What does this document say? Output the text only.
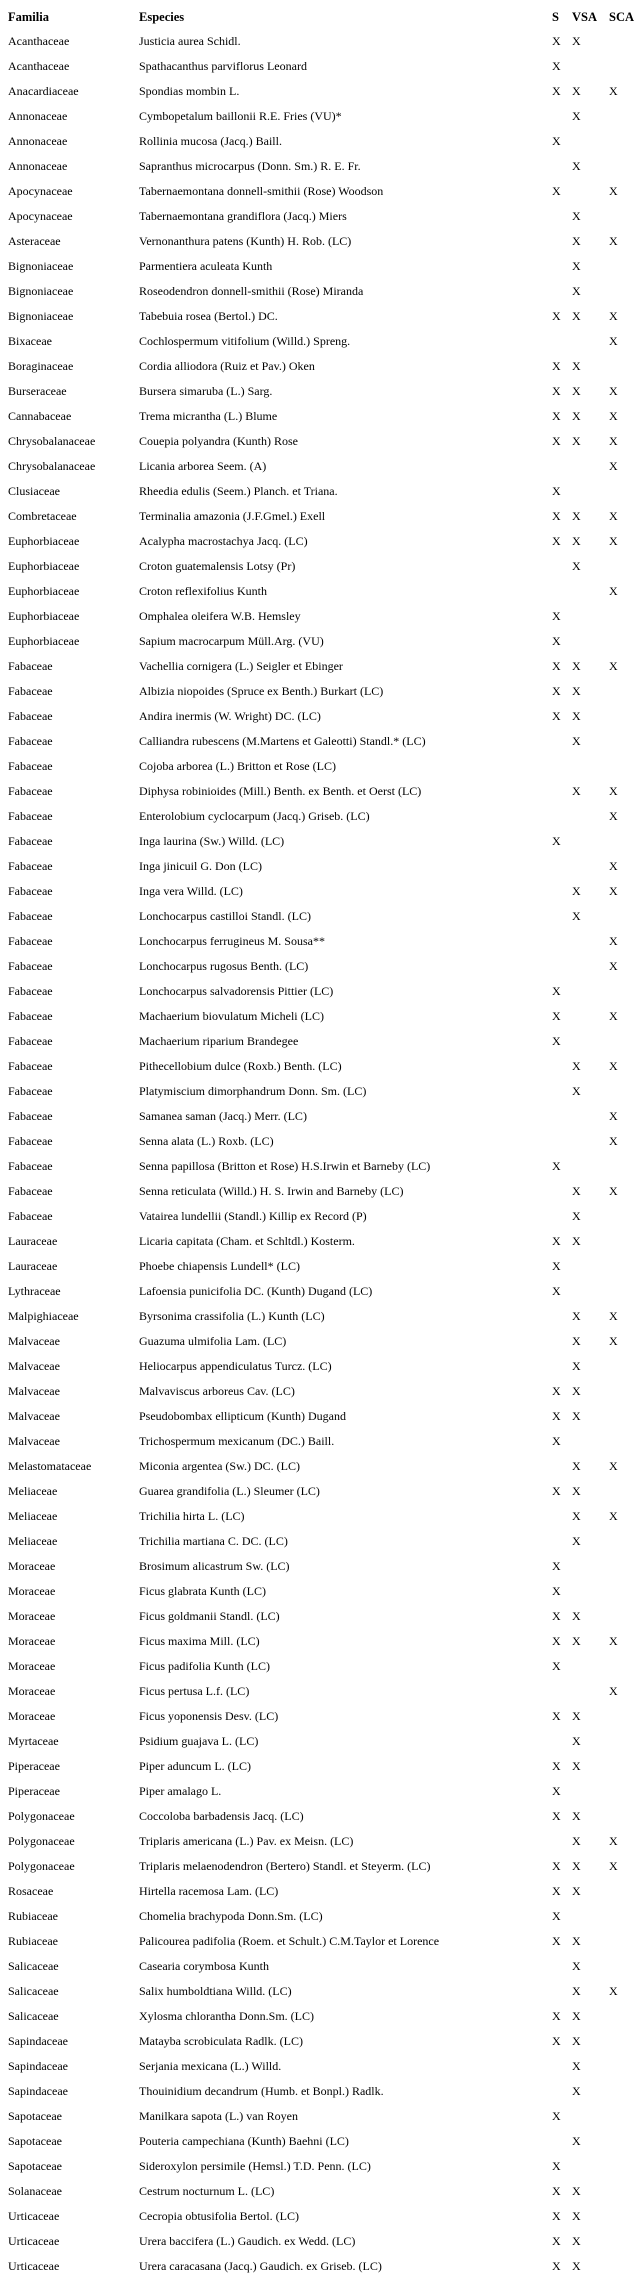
Familia	Especies	S	VSA	SCA
Acanthaceae	Justicia aurea Schidl.	X	X	
Acanthaceae	Spathacanthus parviflorus Leonard	X		
Anacardiaceae	Spondias mombin L.	X	X	X
Annonaceae	Cymbopetalum baillonii R.E. Fries (VU)*		X	
Annonaceae	Rollinia mucosa (Jacq.) Baill.	X		
Annonaceae	Sapranthus microcarpus (Donn. Sm.) R. E. Fr.		X	
Apocynaceae	Tabernaemontana donnell-smithii (Rose) Woodson	X		X
Apocynaceae	Tabernaemontana grandiflora (Jacq.) Miers		X	
Asteraceae	Vernonanthura patens (Kunth) H. Rob. (LC)		X	X
Bignoniaceae	Parmentiera aculeata Kunth		X	
Bignoniaceae	Roseodendron donnell-smithii (Rose) Miranda		X	
Bignoniaceae	Tabebuia rosea (Bertol.) DC.	X	X	X
Bixaceae	Cochlospermum vitifolium (Willd.) Spreng.			X
Boraginaceae	Cordia alliodora (Ruiz et Pav.) Oken	X	X	
Burseraceae	Bursera simaruba (L.) Sarg.	X	X	X
Cannabaceae	Trema micrantha (L.) Blume	X	X	X
Chrysobalanaceae	Couepia polyandra (Kunth) Rose	X	X	X
Chrysobalanaceae	Licania arborea Seem. (A)			X
Clusiaceae	Rheedia edulis (Seem.) Planch. et Triana.	X		
Combretaceae	Terminalia amazonia (J.F.Gmel.) Exell	X	X	X
Euphorbiaceae	Acalypha macrostachya Jacq. (LC)	X	X	X
Euphorbiaceae	Croton guatemalensis Lotsy (Pr)		X	
Euphorbiaceae	Croton reflexifolius Kunth			X
Euphorbiaceae	Omphalea oleifera W.B. Hemsley	X		
Euphorbiaceae	Sapium macrocarpum Müll.Arg. (VU)	X		
Fabaceae	Vachellia cornigera (L.) Seigler et Ebinger	X	X	X
Fabaceae	Albizia niopoides (Spruce ex Benth.) Burkart (LC)	X	X	
Fabaceae	Andira inermis (W. Wright) DC. (LC)	X	X	
Fabaceae	Calliandra rubescens (M.Martens et Galeotti) Standl.* (LC)		X	
Fabaceae	Cojoba arborea (L.) Britton et Rose (LC)			
Fabaceae	Diphysa robinioides (Mill.) Benth. ex Benth. et Oerst (LC)		X	X
Fabaceae	Enterolobium cyclocarpum (Jacq.) Griseb. (LC)			X
Fabaceae	Inga laurina (Sw.) Willd. (LC)	X		
Fabaceae	Inga jinicuil G. Don (LC)			X
Fabaceae	Inga vera Willd. (LC)		X	X
Fabaceae	Lonchocarpus castilloi Standl. (LC)		X	
Fabaceae	Lonchocarpus ferrugineus M. Sousa**			X
Fabaceae	Lonchocarpus rugosus Benth. (LC)			X
Fabaceae	Lonchocarpus salvadorensis Pittier (LC)	X		
Fabaceae	Machaerium biovulatum Micheli (LC)	X		X
Fabaceae	Machaerium riparium Brandegee	X		
Fabaceae	Pithecellobium dulce (Roxb.) Benth. (LC)		X	X
Fabaceae	Platymiscium dimorphandrum Donn. Sm. (LC)		X	
Fabaceae	Samanea saman (Jacq.) Merr. (LC)			X
Fabaceae	Senna alata (L.) Roxb. (LC)			X
Fabaceae	Senna papillosa (Britton et Rose) H.S.Irwin et Barneby (LC)	X		
Fabaceae	Senna reticulata (Willd.) H. S. Irwin and Barneby (LC)		X	X
Fabaceae	Vatairea lundellii (Standl.) Killip ex Record (P)		X	
Lauraceae	Licaria capitata (Cham. et Schltdl.) Kosterm.	X	X	
Lauraceae	Phoebe chiapensis Lundell* (LC)	X		
Lythraceae	Lafoensia punicifolia DC. (Kunth) Dugand (LC)	X		
Malpighiaceae	Byrsonima crassifolia (L.) Kunth (LC)		X	X
Malvaceae	Guazuma ulmifolia Lam. (LC)		X	X
Malvaceae	Heliocarpus appendiculatus Turcz. (LC)		X	
Malvaceae	Malvaviscus arboreus Cav. (LC)	X	X	
Malvaceae	Pseudobombax ellipticum (Kunth) Dugand	X	X	
Malvaceae	Trichospermum mexicanum (DC.) Baill.	X		
Melastomataceae	Miconia argentea (Sw.) DC. (LC)		X	X
Meliaceae	Guarea grandifolia (L.) Sleumer (LC)	X	X	
Meliaceae	Trichilia hirta L. (LC)		X	X
Meliaceae	Trichilia martiana C. DC. (LC)		X	
Moraceae	Brosimum alicastrum Sw. (LC)	X		
Moraceae	Ficus glabrata Kunth (LC)	X		
Moraceae	Ficus goldmanii Standl. (LC)	X	X	
Moraceae	Ficus maxima Mill. (LC)	X	X	X
Moraceae	Ficus padifolia Kunth (LC)	X		
Moraceae	Ficus pertusa L.f. (LC)			X
Moraceae	Ficus yoponensis Desv. (LC)	X	X	
Myrtaceae	Psidium guajava L. (LC)		X	
Piperaceae	Piper aduncum L. (LC)	X	X	
Piperaceae	Piper amalago L.	X		
Polygonaceae	Coccoloba barbadensis Jacq. (LC)	X	X	
Polygonaceae	Triplaris americana (L.) Pav. ex Meisn. (LC)		X	X
Polygonaceae	Triplaris melaenodendron (Bertero) Standl. et Steyerm. (LC)	X	X	X
Rosaceae	Hirtella racemosa Lam. (LC)	X	X	
Rubiaceae	Chomelia brachypoda Donn.Sm. (LC)	X		
Rubiaceae	Palicourea padifolia (Roem. et Schult.) C.M.Taylor et Lorence	X	X	
Salicaceae	Casearia corymbosa Kunth		X	
Salicaceae	Salix humboldtiana Willd. (LC)		X	X
Salicaceae	Xylosma chlorantha Donn.Sm. (LC)	X	X	
Sapindaceae	Matayba scrobiculata Radlk. (LC)	X	X	
Sapindaceae	Serjania mexicana (L.) Willd.		X	
Sapindaceae	Thouinidium decandrum (Humb. et Bonpl.) Radlk.		X	
Sapotaceae	Manilkara sapota (L.) van Royen	X		
Sapotaceae	Pouteria campechiana (Kunth) Baehni (LC)		X	
Sapotaceae	Sideroxylon persimile (Hemsl.) T.D. Penn. (LC)	X		
Solanaceae	Cestrum nocturnum L. (LC)	X	X	
Urticaceae	Cecropia obtusifolia Bertol. (LC)	X	X	
Urticaceae	Urera baccifera (L.) Gaudich. ex Wedd. (LC)	X	X	
Urticaceae	Urera caracasana (Jacq.) Gaudich. ex Griseb. (LC)	X	X	
